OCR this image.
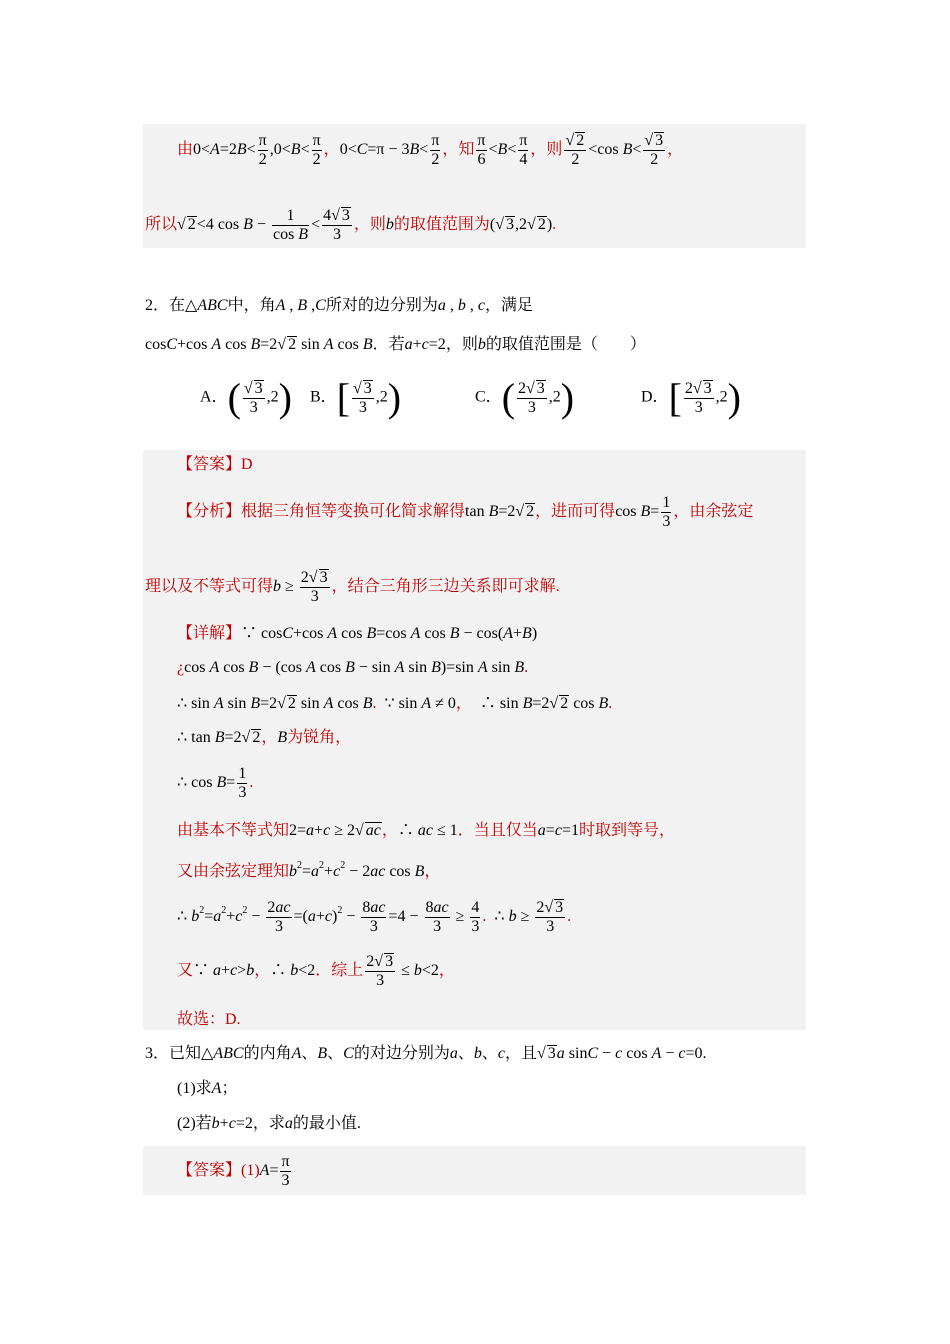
由$0<A=2B< \frac{\pi}{2} ,0<B< \frac{\pi}{2}$ ，$0<C=\pi - 3B< \frac{\pi}{2}$ ，知 $\frac{\pi}{6} <B< \frac{\pi}{4}$ ，则 $\frac{√ 2}{2} <\cos$ $B< \frac{√ 3}{2}$ ，
所以√ 2<4 $\cos B - \frac{1}{\text{cos B}} < \frac{4√ 3}{3}$ ，则b的取值范围为(√ 3,2√ 2).
2．在△ABC中，角A , B ,C所对的边分别为a , b , c，满足
cosC+cos A cos B=2√ 2 sin A cos B．若a+c=2，则b的取值范围是（　　）
A．( $\frac{√ 3}{3} ,2$) B．[ $\frac{√ 3}{3} ,2$)	C．( $\frac{2√ 3}{3} ,2$)	D．[ $\frac{2√ 3}{3} ,2$)
【答案】D
【分析】根据三角恒等变换可化简求解得tan B=2√ 2，进而可得$\cos B= \frac{1}{3}$ ，由余弦定
理以及不等式可得$b \ge \frac{2√ 3}{3}$ ，结合三角形三边关系即可求解.
【详解】∵ cosC+cos A cos B=cos A cos B − cos(A+B)
¿cos A cos B − (cos A cos B − sin A sin B)=sin A sin B.
∴ sin A sin B=2√ 2 sin A cos B.  ∵ sin A ≠ 0，  ∴ sin B=2√ 2 cos B.
∴ tan B=2√ 2，B为锐角，
∴ $\cos B= \frac{1}{3}$ .
由基本不等式知2=a+c ≥ 2√ ac，∴ ac ≤ 1．当且仅当a=c=1时取到等号，
又由余弦定理知$b^2=a^2+c^2 - 2ac$ cos B，
∴ $b^2=a^2+c^2 - \frac{2ac}{3} =(a+c)^2 - \frac{8ac}{3} =4 - \frac{8ac}{3} \ge \frac{4}{3}$ .  ∴ $b \ge \frac{2√ 3}{3}$ .
又∵ a+c>b，∴ b<2．综上 $\frac{2√ 3}{3} \le b<2$，
故选：D.
3．已知△ABC的内角A、B、C的对边分别为a、b、c，且√ 3a sinC − c cos A − c=0.
(1)求A；
(2)若b+c=2，求a的最小值.
【答案】$(1)A= \frac{\pi}{3}$
